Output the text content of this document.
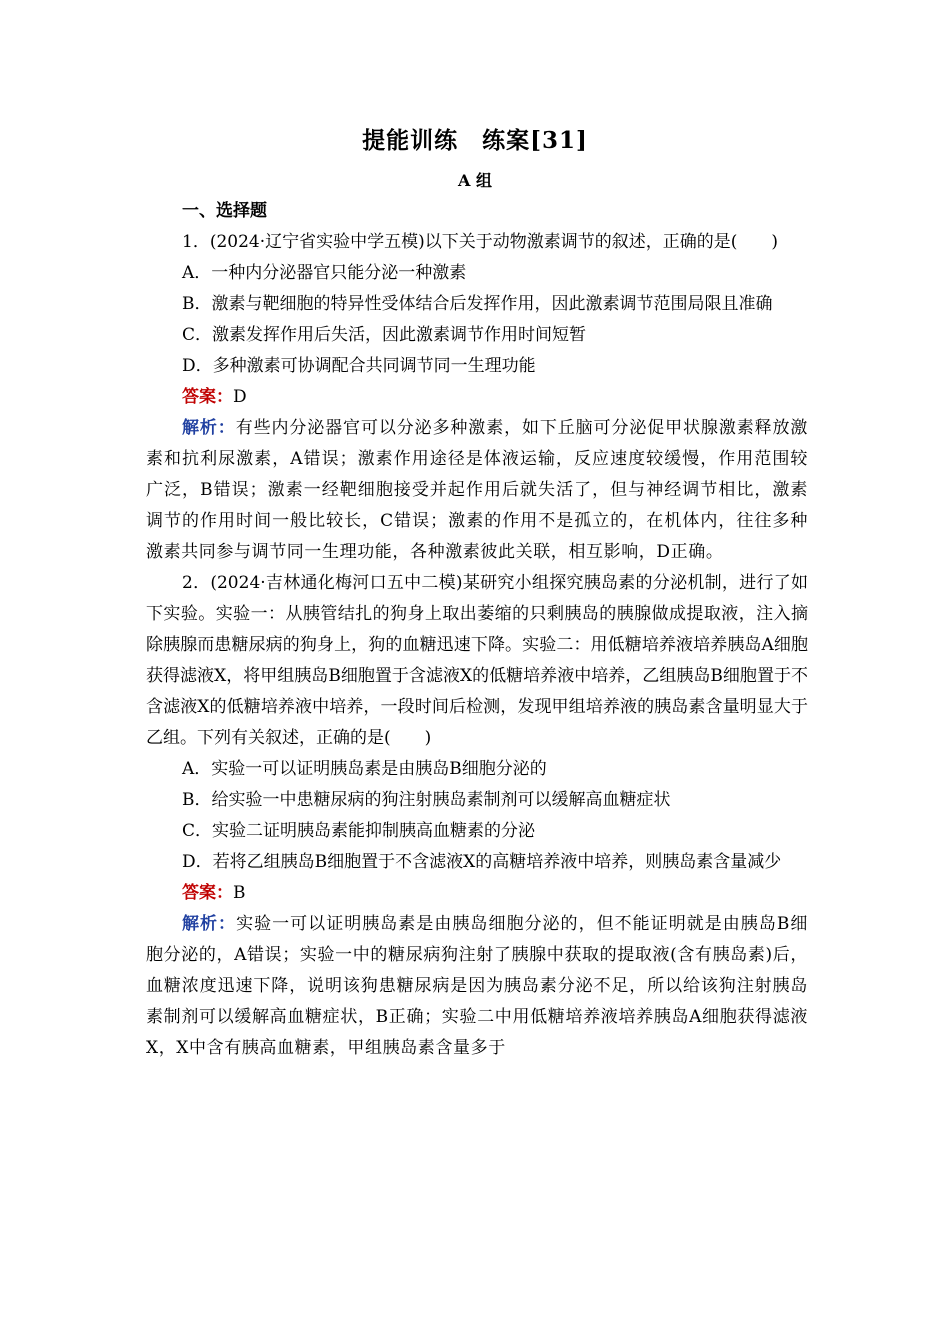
提能训练　练案[31]
A 组

一、选择题

1．(2024·辽宁省实验中学五模)以下关于动物激素调节的叙述，正确的是(　　)

A．一种内分泌器官只能分泌一种激素

B．激素与靶细胞的特异性受体结合后发挥作用，因此激素调节范围局限且准确

C．激素发挥作用后失活，因此激素调节作用时间短暂

D．多种激素可协调配合共同调节同一生理功能

答案：D

解析：有些内分泌器官可以分泌多种激素，如下丘脑可分泌促甲状腺激素释放激素和抗利尿激素，A错误；激素作用途径是体液运输，反应速度较缓慢，作用范围较广泛，B错误；激素一经靶细胞接受并起作用后就失活了，但与神经调节相比，激素调节的作用时间一般比较长，C错误；激素的作用不是孤立的，在机体内，往往多种激素共同参与调节同一生理功能，各种激素彼此关联，相互影响，D正确。

2．(2024·吉林通化梅河口五中二模)某研究小组探究胰岛素的分泌机制，进行了如下实验。实验一：从胰管结扎的狗身上取出萎缩的只剩胰岛的胰腺做成提取液，注入摘除胰腺而患糖尿病的狗身上，狗的血糖迅速下降。实验二：用低糖培养液培养胰岛A细胞获得滤液X，将甲组胰岛B细胞置于含滤液X的低糖培养液中培养，乙组胰岛B细胞置于不含滤液X的低糖培养液中培养，一段时间后检测，发现甲组培养液的胰岛素含量明显大于乙组。下列有关叙述，正确的是(　　)

A．实验一可以证明胰岛素是由胰岛B细胞分泌的

B．给实验一中患糖尿病的狗注射胰岛素制剂可以缓解高血糖症状

C．实验二证明胰岛素能抑制胰高血糖素的分泌

D．若将乙组胰岛B细胞置于不含滤液X的高糖培养液中培养，则胰岛素含量减少

答案：B

解析：实验一可以证明胰岛素是由胰岛细胞分泌的，但不能证明就是由胰岛B细胞分泌的，A错误；实验一中的糖尿病狗注射了胰腺中获取的提取液(含有胰岛素)后，血糖浓度迅速下降，说明该狗患糖尿病是因为胰岛素分泌不足，所以给该狗注射胰岛素制剂可以缓解高血糖症状，B正确；实验二中用低糖培养液培养胰岛A细胞获得滤液X，X中含有胰高血糖素，甲组胰岛素含量多于
